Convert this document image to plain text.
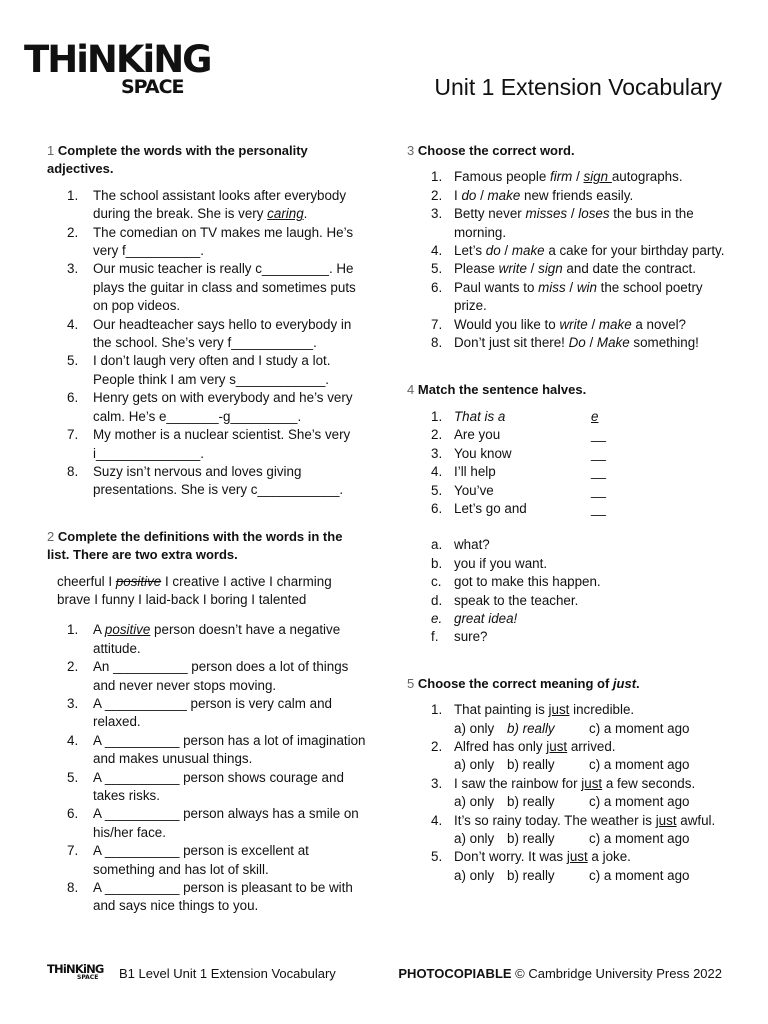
THiNKiNG
SPACE	Unit 1 Extension Vocabulary
1 Complete the words with the personality adjectives.
1. The school assistant looks after everybody during the break. She is very caring.
2. The comedian on TV makes me laugh. He’s very f__________.
3. Our music teacher is really c_________. He plays the guitar in class and sometimes puts on pop videos.
4. Our headteacher says hello to everybody in the school. She’s very f___________.
5. I don’t laugh very often and I study a lot. People think I am very s____________.
6. Henry gets on with everybody and he’s very calm. He’s e_______-g_________.
7. My mother is a nuclear scientist. She’s very i______________.
8. Suzy isn’t nervous and loves giving presentations. She is very c___________.
2 Complete the definitions with the words in the list. There are two extra words.
cheerful I positive I creative I active I charming
brave I funny I laid-back I boring I talented
1. A positive person doesn’t have a negative attitude.
2. An __________ person does a lot of things and never never stops moving.
3. A ___________ person is very calm and relaxed.
4. A __________ person has a lot of imagination and makes unusual things.
5. A __________ person shows courage and takes risks.
6. A __________ person always has a smile on his/her face.
7. A __________ person is excellent at something and has lot of skill.
8. A __________ person is pleasant to be with and says nice things to you.
3 Choose the correct word.
1. Famous people firm / sign autographs.
2. I do / make new friends easily.
3. Betty never misses / loses the bus in the morning.
4. Let’s do / make a cake for your birthday party.
5. Please write / sign and date the contract.
6. Paul wants to miss / win the school poetry prize.
7. Would you like to write / make a novel?
8. Don’t just sit there! Do / Make something!
4 Match the sentence halves.
1. That is a	e
2. Are you	__
3. You know	__
4. I’ll help	__
5. You’ve	__
6. Let’s go and	__
a. what?
b. you if you want.
c. got to make this happen.
d. speak to the teacher.
e. great idea!
f. sure?
5 Choose the correct meaning of just.
1. That painting is just incredible.
a) only b) really	c) a moment ago
2. Alfred has only just arrived.
a) only b) really	c) a moment ago
3. I saw the rainbow for just a few seconds.
a) only b) really	c) a moment ago
4. It’s so rainy today. The weather is just awful.
a) only b) really	c) a moment ago
5. Don’t worry. It was just a joke.
a) only b) really	c) a moment ago
THiNKiNG
SPACE	B1 Level Unit 1 Extension Vocabulary	PHOTOCOPIABLE © Cambridge University Press 2022
